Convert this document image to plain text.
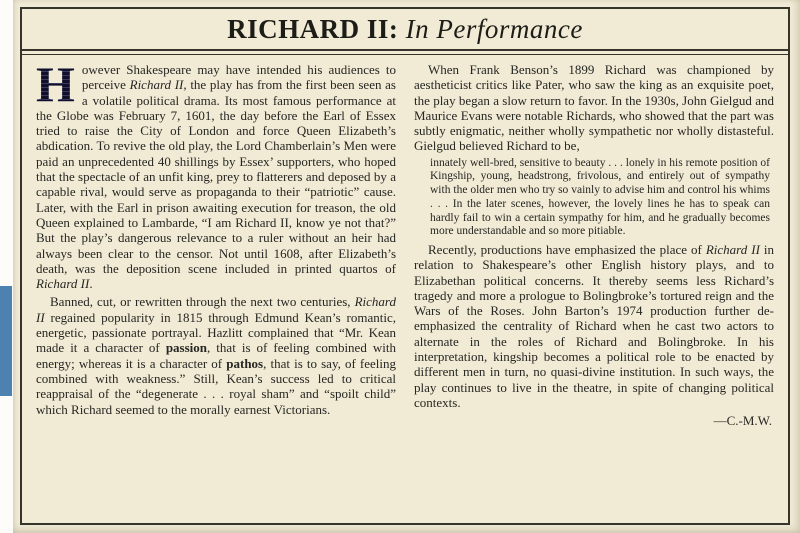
RICHARD II: In Performance

H owever Shakespeare may have intended his audiences to perceive Richard II, the play has from the first been seen as a volatile political drama. Its most famous performance at the Globe was February 7, 1601, the day before the Earl of Essex tried to raise the City of London and force Queen Elizabeth’s abdication. To revive the old play, the Lord Chamberlain’s Men were paid an unprecedented 40 shillings by Essex’ supporters, who hoped that the spectacle of an unfit king, prey to flatterers and deposed by a capable rival, would serve as propaganda to their “patriotic” cause. Later, with the Earl in prison awaiting execution for treason, the old Queen explained to Lambarde, “I am Richard II, know ye not that?” But the play’s dangerous relevance to a ruler without an heir had always been clear to the censor. Not until 1608, after Elizabeth’s death, was the deposition scene included in printed quartos of Richard II.

Banned, cut, or rewritten through the next two centuries, Richard II regained popularity in 1815 through Edmund Kean’s romantic, energetic, passionate portrayal. Hazlitt complained that “Mr. Kean made it a character of passion, that is of feeling combined with energy; whereas it is a character of pathos, that is to say, of feeling combined with weakness.” Still, Kean’s success led to critical reappraisal of the “degenerate . . . royal sham” and “spoilt child” which Richard seemed to the morally earnest Victorians.

When Frank Benson’s 1899 Richard was championed by aestheticist critics like Pater, who saw the king as an exquisite poet, the play began a slow return to favor. In the 1930s, John Gielgud and Maurice Evans were notable Richards, who showed that the part was subtly enigmatic, neither wholly sympathetic nor wholly distasteful. Gielgud believed Richard to be,

innately well-bred, sensitive to beauty . . . lonely in his remote position of Kingship, young, headstrong, frivolous, and entirely out of sympathy with the older men who try so vainly to advise him and control his whims . . . In the later scenes, however, the lovely lines he has to speak can hardly fail to win a certain sympathy for him, and he gradually becomes more understandable and so more pitiable.

Recently, productions have emphasized the place of Richard II in relation to Shakespeare’s other English history plays, and to Elizabethan political concerns. It thereby seems less Richard’s tragedy and more a prologue to Bolingbroke’s tortured reign and the Wars of the Roses. John Barton’s 1974 production further de-emphasized the centrality of Richard when he cast two actors to alternate in the roles of Richard and Bolingbroke. In his interpretation, kingship becomes a political role to be enacted by different men in turn, no quasi-divine institution. In such ways, the play continues to live in the theatre, in spite of changing political contexts.

—C.-M.W.
